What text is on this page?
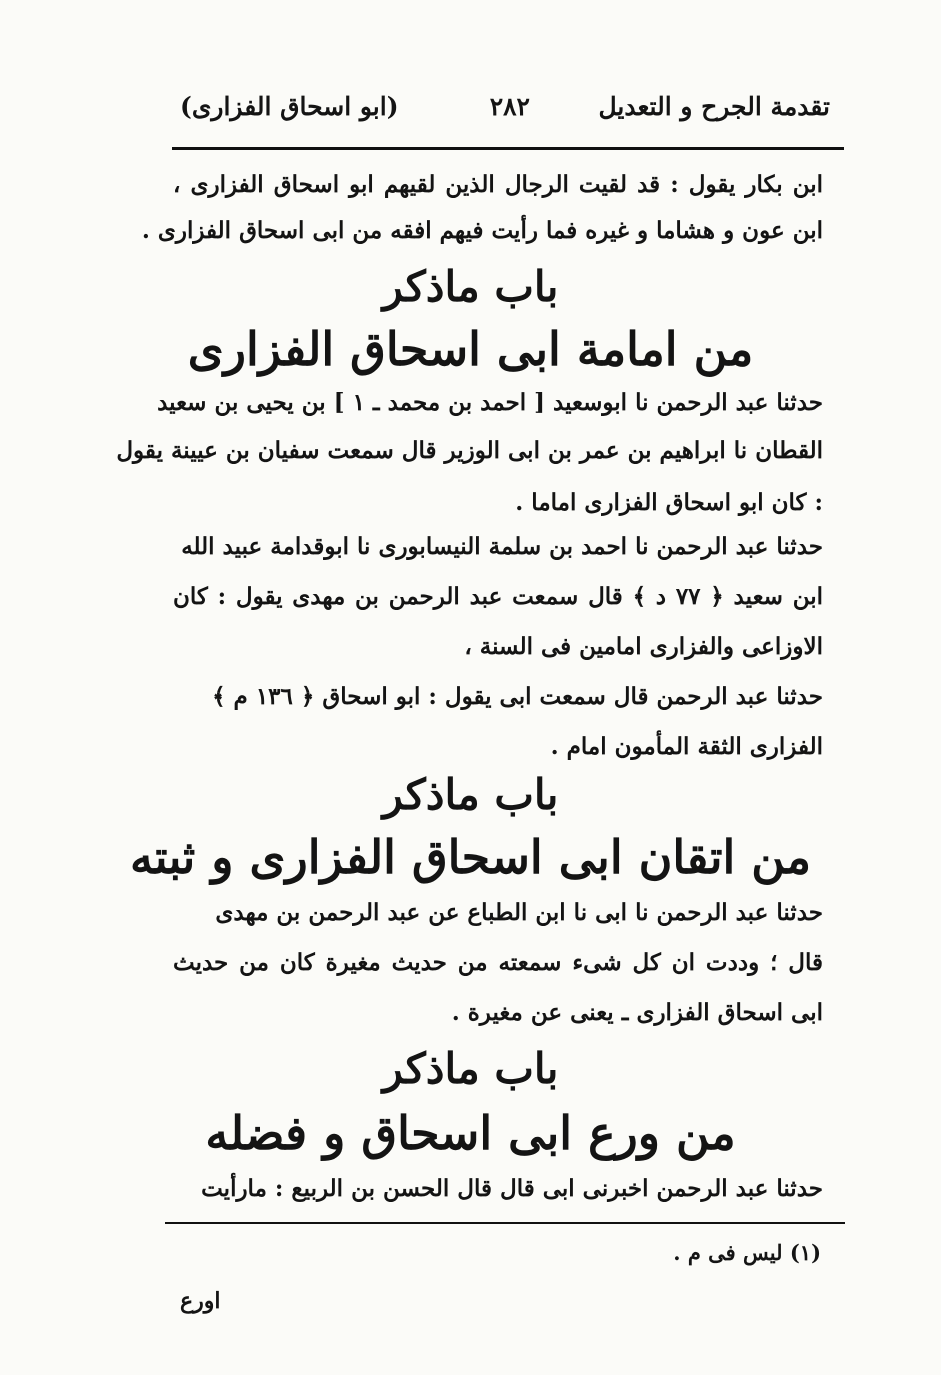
تقدمة الجرح و التعديل
٢٨٢
(ابو اسحاق الفزارى)
ابن بكار يقول : قد لقيت الرجال الذين لقيهم ابو اسحاق الفزارى ،
ابن عون و هشاما و غيره فما رأيت فيهم افقه من ابى اسحاق الفزارى .
باب ماذكر
من امامة ابى اسحاق الفزارى
حدثنا عبد الرحمن نا ابوسعيد [ احمد بن محمد ـ ١ ] بن يحيى بن سعيد
القطان نا ابراهيم بن عمر بن ابى الوزير قال سمعت سفيان بن عيينة يقول
: كان ابو اسحاق الفزارى اماما .
حدثنا عبد الرحمن نا احمد بن سلمة النيسابورى نا ابوقدامة عبيد الله
ابن سعيد ﴿ ٧٧ د ﴾ قال سمعت عبد الرحمن بن مهدى يقول : كان
الاوزاعى والفزارى امامين فى السنة ،
حدثنا عبد الرحمن قال سمعت ابى يقول : ابو اسحاق ﴿ ١٣٦ م ﴾
الفزارى الثقة المأمون امام .
باب ماذكر
من اتقان ابى اسحاق الفزارى و ثبته
حدثنا عبد الرحمن نا ابى نا ابن الطباع عن عبد الرحمن بن مهدى
قال ؛ وددت ان كل شىء سمعته من حديث مغيرة كان من حديث
ابى اسحاق الفزارى ـ يعنى عن مغيرة .
باب ماذكر
من ورع ابى اسحاق و فضله
حدثنا عبد الرحمن اخبرنى ابى قال قال الحسن بن الربيع : مارأيت
(١) ليس فى م .
اورع
